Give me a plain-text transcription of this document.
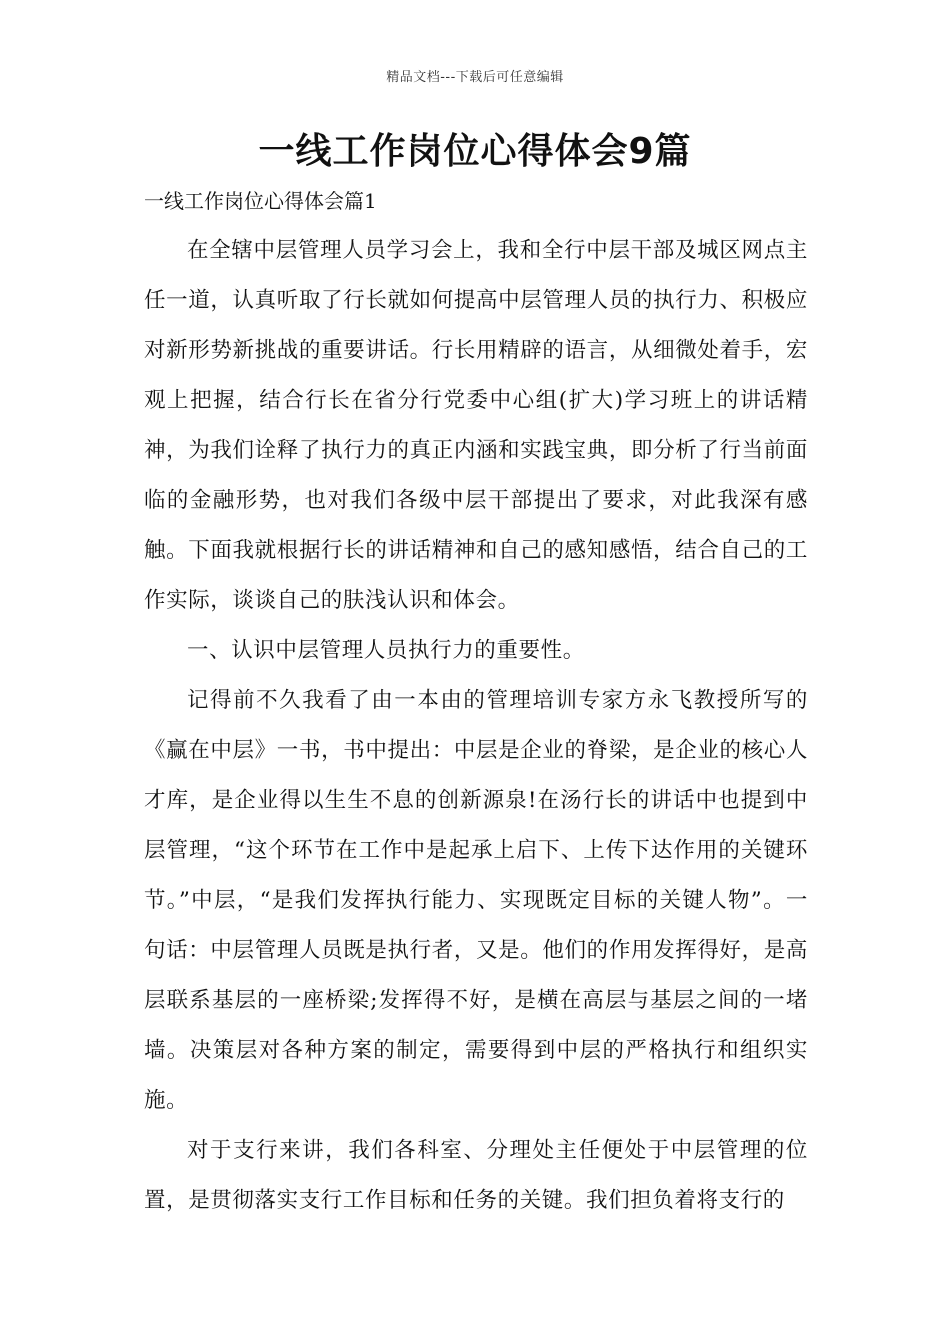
精品文档---下载后可任意编辑
一线工作岗位心得体会9篇
一线工作岗位心得体会篇1

在全辖中层管理人员学习会上，我和全行中层干部及城区网点主任一道，认真听取了行长就如何提高中层管理人员的执行力、积极应对新形势新挑战的重要讲话。行长用精辟的语言，从细微处着手，宏观上把握，结合行长在省分行党委中心组(扩大)学习班上的讲话精神，为我们诠释了执行力的真正内涵和实践宝典，即分析了行当前面临的金融形势，也对我们各级中层干部提出了要求，对此我深有感触。下面我就根据行长的讲话精神和自己的感知感悟，结合自己的工作实际，谈谈自己的肤浅认识和体会。

一、认识中层管理人员执行力的重要性。

记得前不久我看了由一本由的管理培训专家方永飞教授所写的《赢在中层》一书，书中提出：中层是企业的脊梁，是企业的核心人才库，是企业得以生生不息的创新源泉!在汤行长的讲话中也提到中层管理，“这个环节在工作中是起承上启下、上传下达作用的关键环节。”中层，“是我们发挥执行能力、实现既定目标的关键人物”。一句话：中层管理人员既是执行者，又是。他们的作用发挥得好，是高层联系基层的一座桥梁;发挥得不好，是横在高层与基层之间的一堵墙。决策层对各种方案的制定，需要得到中层的严格执行和组织实施。

对于支行来讲，我们各科室、分理处主任便处于中层管理的位置，是贯彻落实支行工作目标和任务的关键。我们担负着将支行的
